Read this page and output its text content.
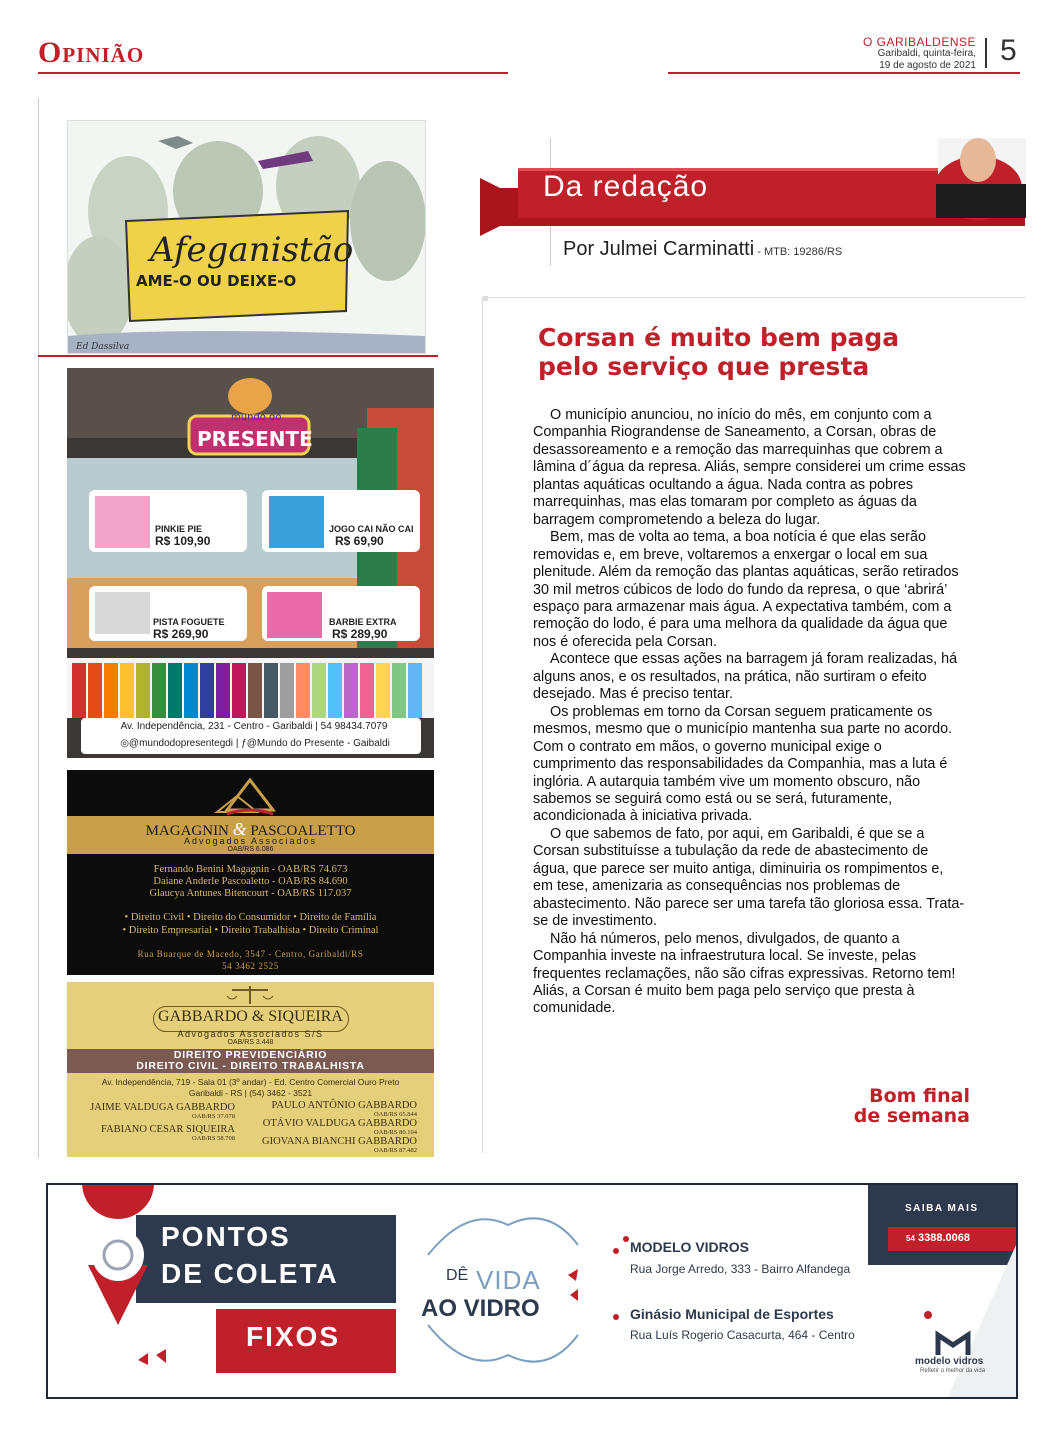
Opinião	O GARIBALDENSE
Garibaldi, quinta-feira,
19 de agosto de 2021 5
Afeganistão
AME-O OU DEIXE-O
Ed Dassilva
mundo do
PRESENTE
PINKIE PIE
R$ 109,90
JOGO CAI NÃO CAI
R$ 69,90
PISTA FOGUETE
R$ 269,90
BARBIE EXTRA
R$ 289,90
Av. Independência, 231 - Centro - Garibaldi | 54 98434.7079
◎@mundodopresentegdi | ƒ@Mundo do Presente - Gaibaldi
MAGAGNIN & PASCOALETTO
Advogados Associados
OAB/RS 6.086
Fernando Benini Magagnin - OAB/RS 74.673
Daiane Anderle Pascoaletto - OAB/RS 84.690
Glaucya Antunes Bitencourt - OAB/RS 117.037
• Direito Civil • Direito do Consumidor • Direito de Família
• Direito Empresarial • Direito Trabalhista • Direito Criminal
Rua Buarque de Macedo, 3547 - Centro, Garibaldi/RS
54 3462 2525
GABBARDO & SIQUEIRA
Advogados Associados S/S
OAB/RS 3.448
DIREITO PREVIDENCIÁRIO
DIREITO CIVIL - DIREITO TRABALHISTA
Av. Independência, 719 - Sala 01 (3º andar) - Ed. Centro Comercial Ouro Preto
Garibaldi - RS | (54) 3462 - 3521
JAIME VALDUGA GABBARDO
OAB/RS 37.078
FABIANO CESAR SIQUEIRA
OAB/RS 58.708
PAULO ANTÔNIO GABBARDO
OAB/RS 65.844
OTÁVIO VALDUGA GABBARDO
OAB/RS 80.104
GIOVANA BIANCHI GABBARDO
OAB/RS 87.482
Da redação
Por Julmei Carminatti - MTB: 19286/RS
Corsan é muito bem paga pelo serviço que presta

O município anunciou, no início do mês, em conjunto com a Companhia Riograndense de Saneamento, a Corsan, obras de desassoreamento e a remoção das marrequinhas que cobrem a lâmina d´água da represa. Aliás, sempre considerei um crime essas plantas aquáticas ocultando a água. Nada contra as pobres marrequinhas, mas elas tomaram por completo as águas da barragem comprometendo a beleza do lugar.

Bem, mas de volta ao tema, a boa notícia é que elas serão removidas e, em breve, voltaremos a enxergar o local em sua plenitude. Além da remoção das plantas aquáticas, serão retirados 30 mil metros cúbicos de lodo do fundo da represa, o que ‘abrirá’ espaço para armazenar mais água. A expectativa também, com a remoção do lodo, é para uma melhora da qualidade da água que nos é oferecida pela Corsan.

Acontece que essas ações na barragem já foram realizadas, há alguns anos, e os resultados, na prática, não surtiram o efeito desejado. Mas é preciso tentar.

Os problemas em torno da Corsan seguem praticamente os mesmos, mesmo que o município mantenha sua parte no acordo. Com o contrato em mãos, o governo municipal exige o cumprimento das responsabilidades da Companhia, mas a luta é inglória. A autarquia também vive um momento obscuro, não sabemos se seguirá como está ou se será, futuramente, acondicionada à iniciativa privada.

O que sabemos de fato, por aqui, em Garibaldi, é que se a Corsan substituísse a tubulação da rede de abastecimento de água, que parece ser muito antiga, diminuiria os rompimentos e, em tese, amenizaria as consequências nos problemas de abastecimento. Não parece ser uma tarefa tão gloriosa essa. Trata-se de investimento.

Não há números, pelo menos, divulgados, de quanto a Companhia investe na infraestrutura local. Se investe, pelas frequentes reclamações, não são cifras expressivas. Retorno tem! Aliás, a Corsan é muito bem paga pelo serviço que presta à comunidade.

Bom final
de semana
PONTOS
DE COLETA
FIXOS
DÊ VIDA
AO VIDRO
MODELO VIDROS
Rua Jorge Arredo, 333 - Bairro Alfandega
Ginásio Municipal de Esportes
Rua Luís Rogerio Casacurta, 464 - Centro
SAIBA MAIS
54 3388.0068
modelo vidros
Refletir o melhor da vida
